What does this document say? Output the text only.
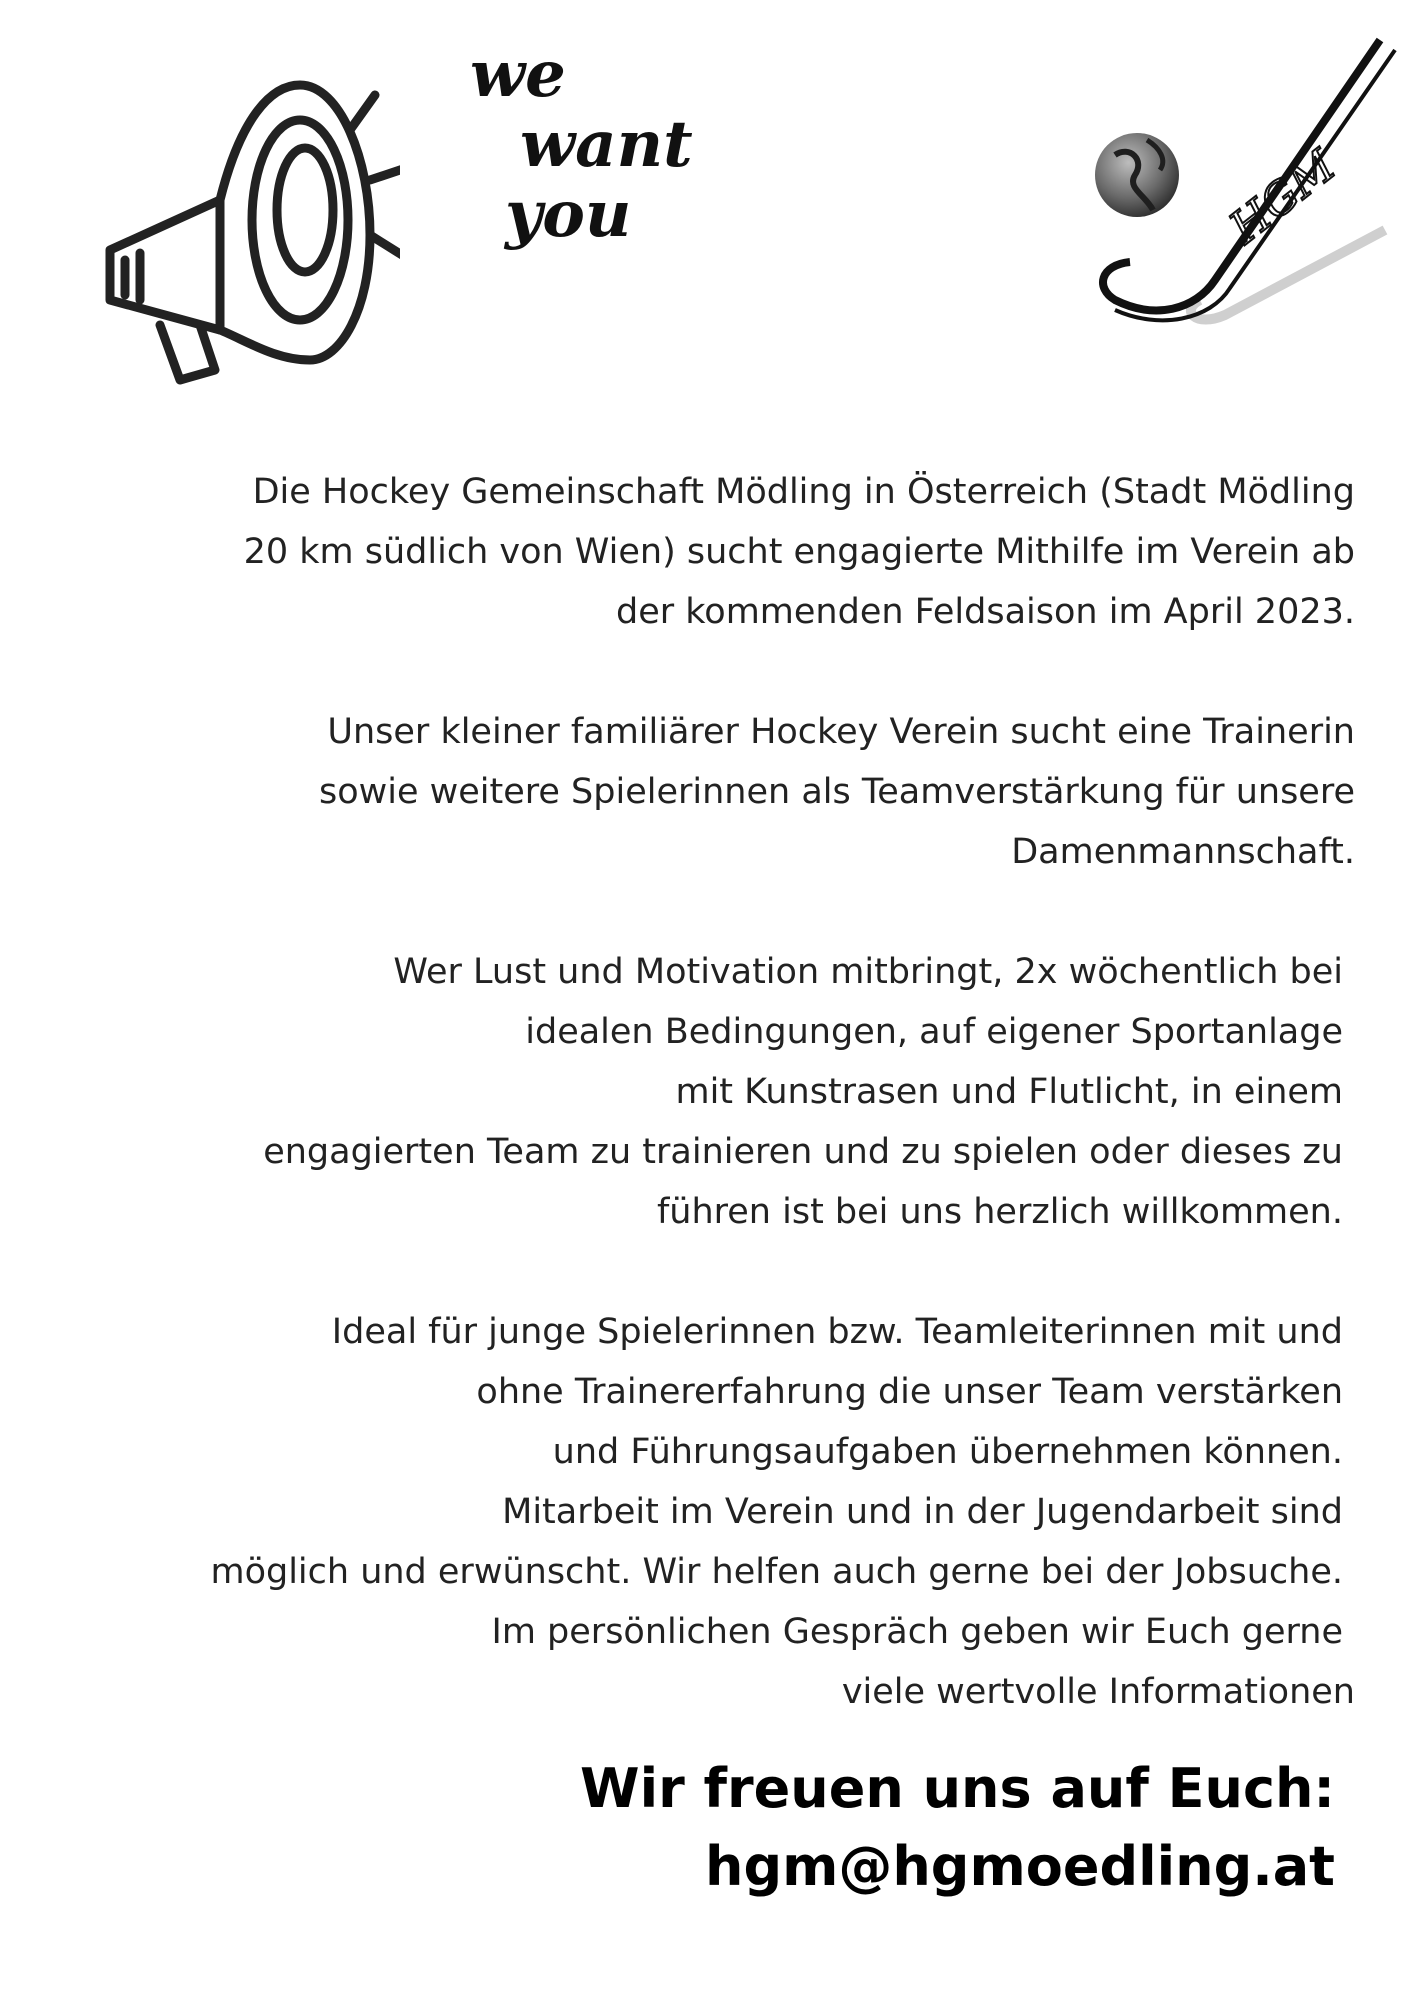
we
want
you	HGM

Die Hockey Gemeinschaft Mödling in Österreich (Stadt Mödling
20 km südlich von Wien) sucht engagierte Mithilfe im Verein ab
der kommenden Feldsaison im April 2023.

Unser kleiner familiärer Hockey Verein sucht eine Trainerin
sowie weitere Spielerinnen als Teamverstärkung für unsere
Damenmannschaft.

Wer Lust und Motivation mitbringt, 2x wöchentlich bei
idealen Bedingungen, auf eigener Sportanlage
mit Kunstrasen und Flutlicht, in einem
engagierten Team zu trainieren und zu spielen oder dieses zu
führen ist bei uns herzlich willkommen.

Ideal für junge Spielerinnen bzw. Teamleiterinnen mit und
ohne Trainererfahrung die unser Team verstärken
und Führungsaufgaben übernehmen können.
Mitarbeit im Verein und in der Jugendarbeit sind
möglich und erwünscht. Wir helfen auch gerne bei der Jobsuche.
Im persönlichen Gespräch geben wir Euch gerne
viele wertvolle Informationen

Wir freuen uns auf Euch:
hgm@hgmoedling.at
